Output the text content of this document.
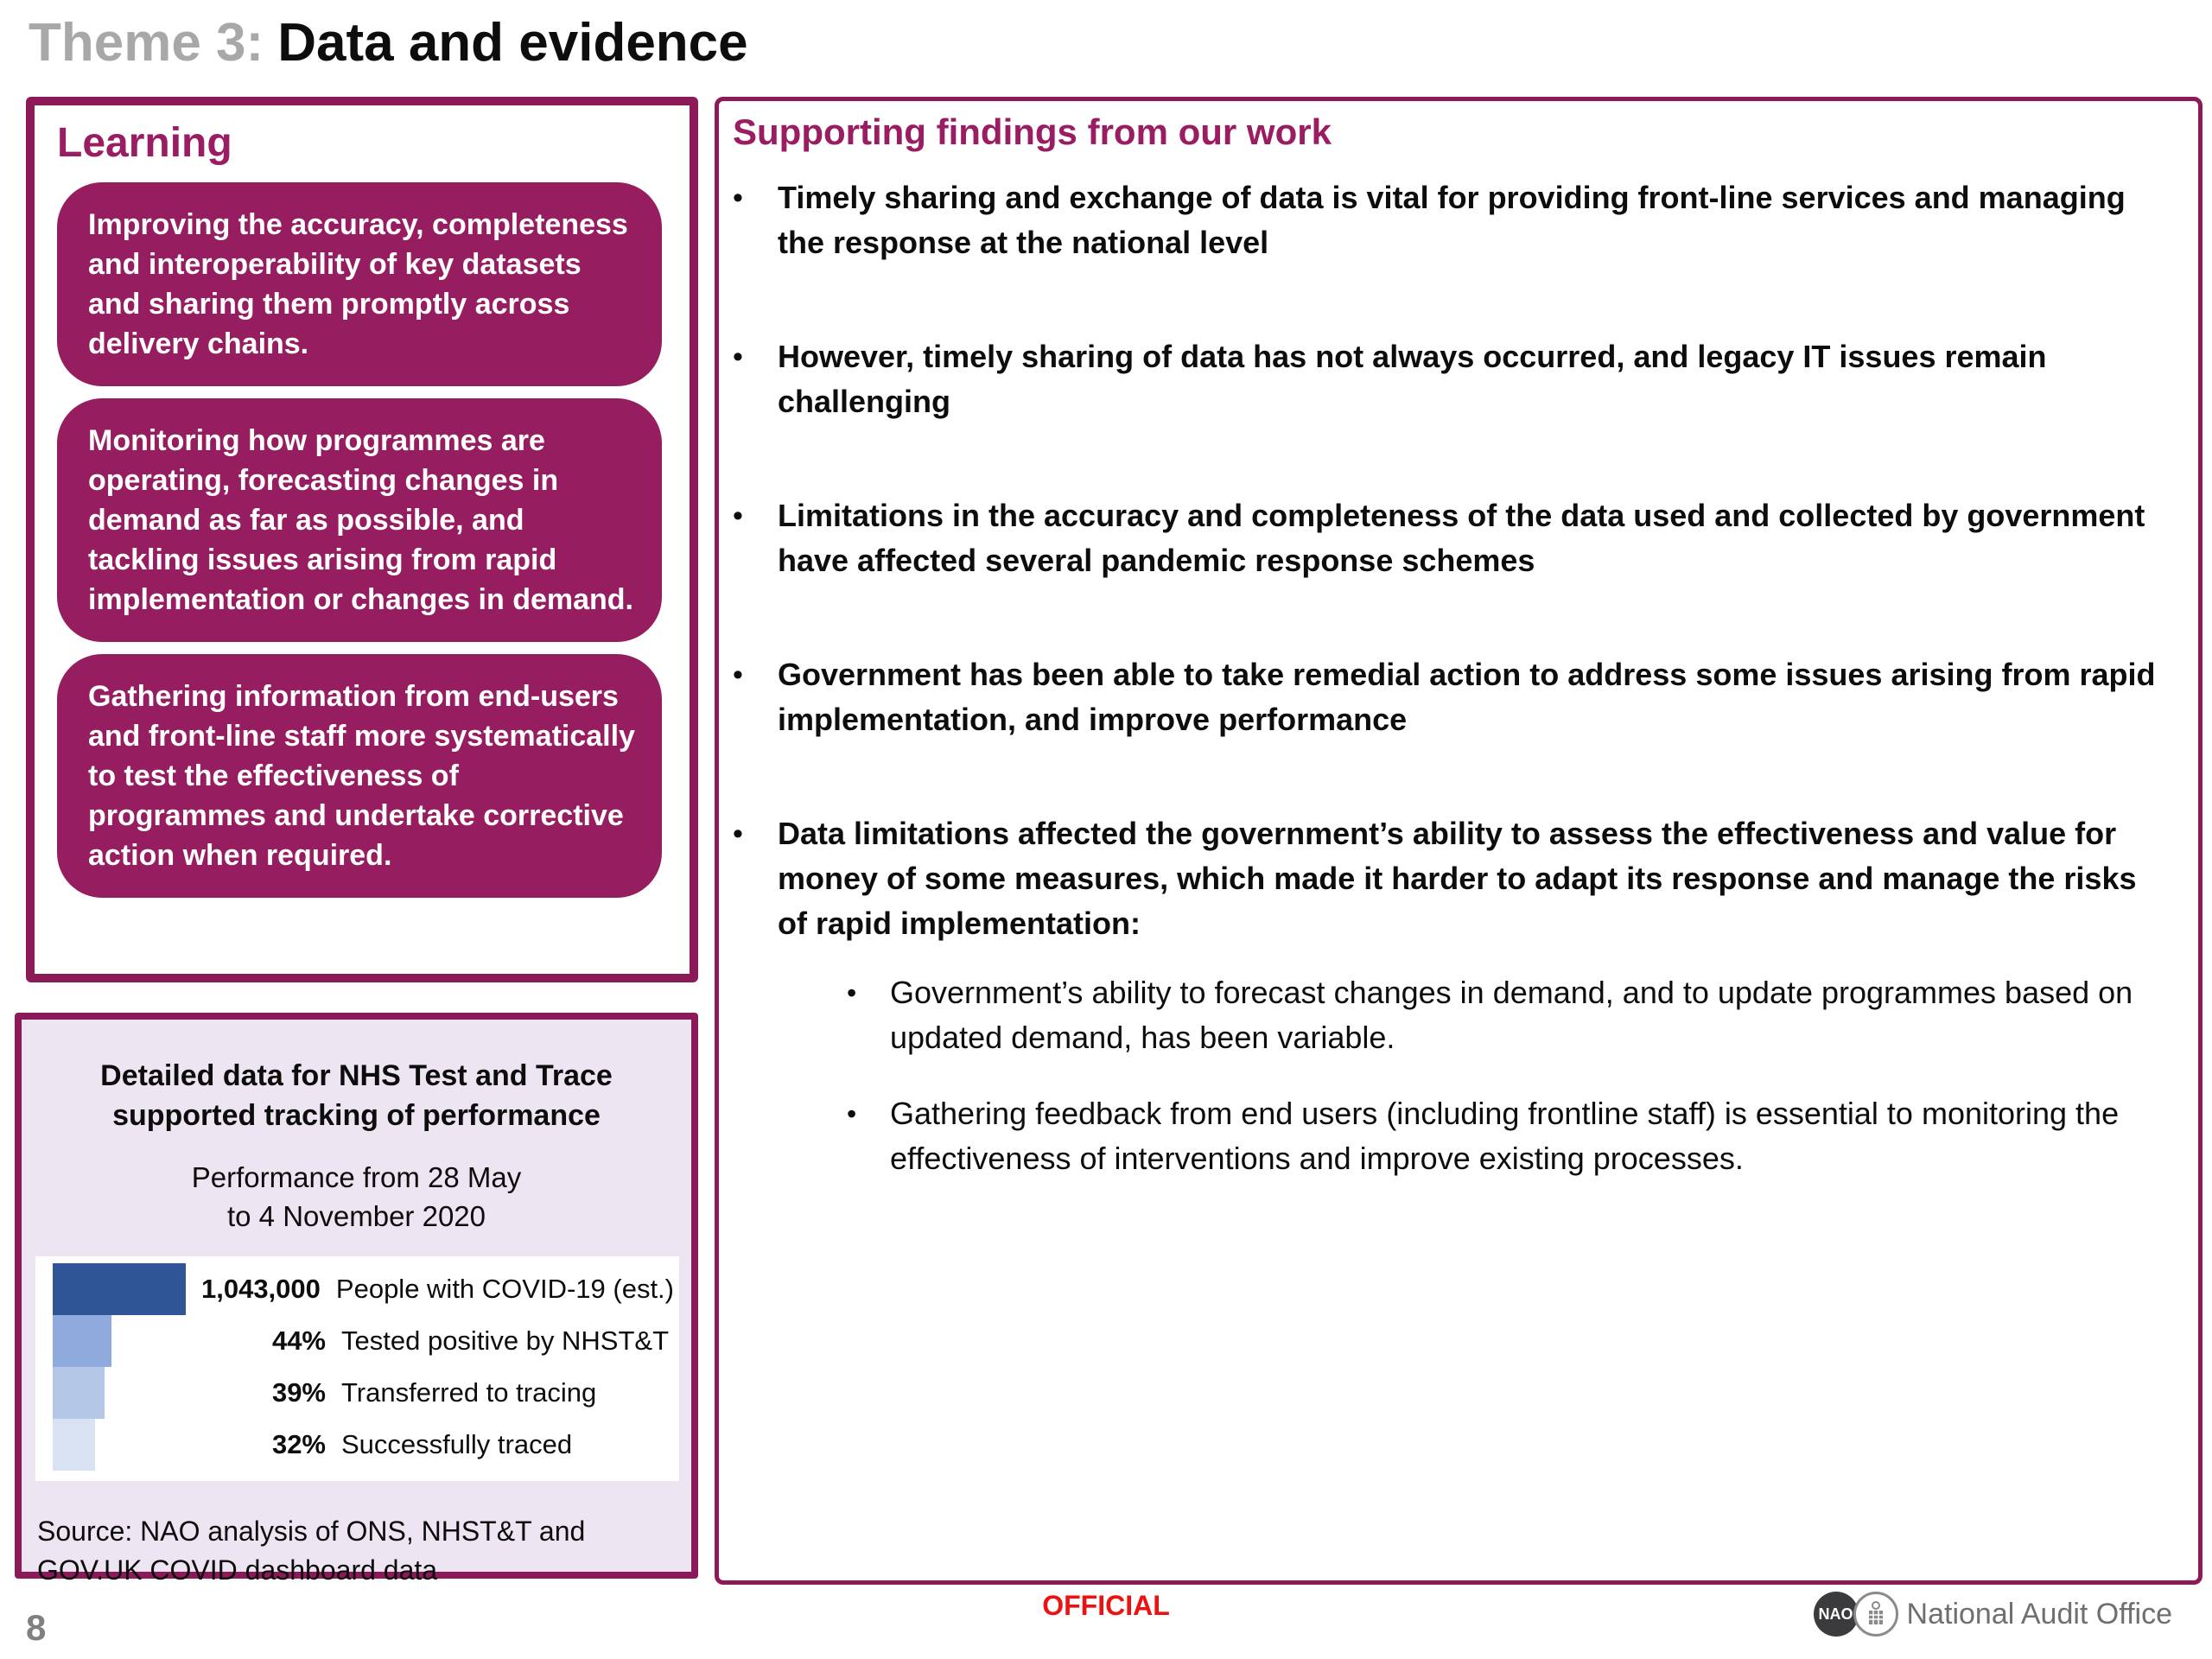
Theme 3: Data and evidence
Learning
Improving the accuracy, completeness and interoperability of key datasets and sharing them promptly across delivery chains.
Monitoring how programmes are operating, forecasting changes in demand as far as possible, and tackling issues arising from rapid implementation or changes in demand.
Gathering information from end-users and front-line staff more systematically to test the effectiveness of programmes and undertake corrective action when required.
Detailed data for NHS Test and Trace supported tracking of performance
Performance from 28 May to 4 November 2020
1,043,000 People with COVID-19 (est.)
44% Tested positive by NHST&T
39% Transferred to tracing
32% Successfully traced
Source: NAO analysis of ONS, NHST&T and GOV.UK COVID dashboard data
Supporting findings from our work
•	Timely sharing and exchange of data is vital for providing front-line services and managing the response at the national level
•	However, timely sharing of data has not always occurred, and legacy IT issues remain challenging
•	Limitations in the accuracy and completeness of the data used and collected by government have affected several pandemic response schemes
•	Government has been able to take remedial action to address some issues arising from rapid implementation, and improve performance
•	Data limitations affected the government’s ability to assess the effectiveness and value for money of some measures, which made it harder to adapt its response and manage the risks of rapid implementation:
•	Government’s ability to forecast changes in demand, and to update programmes based on updated demand, has been variable.
•	Gathering feedback from end users (including frontline staff) is essential to monitoring the effectiveness of interventions and improve existing processes.
OFFICIAL
8	NAO National Audit Office
